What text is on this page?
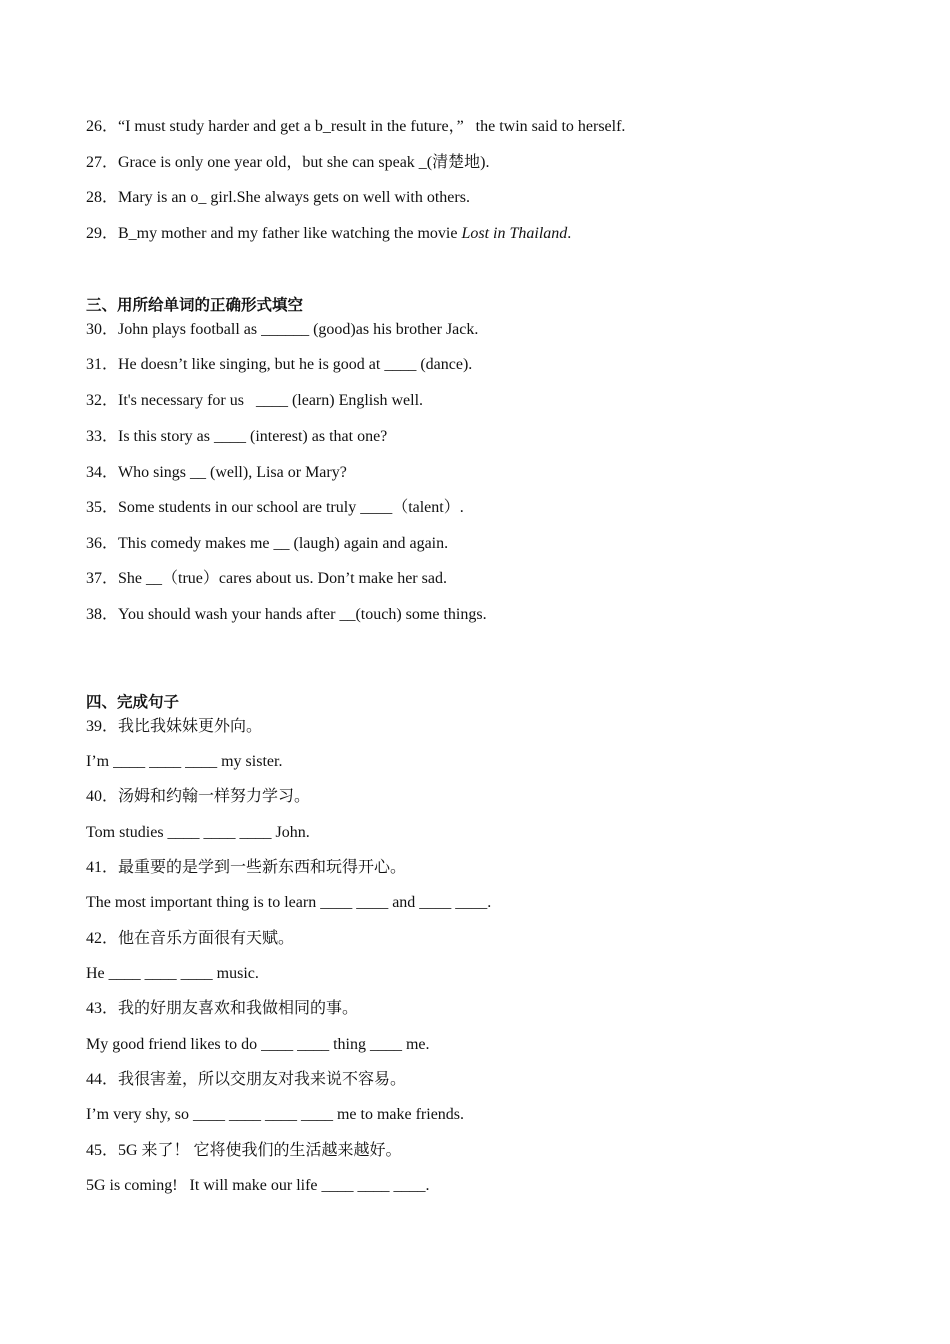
26．“I must study harder and get a b_result in the future，”   the twin said to herself.
27．Grace is only one year old，but she can speak _(清楚地).
28．Mary is an o_ girl.She always gets on well with others.
29．B_my mother and my father like watching the movie Lost in Thailand.
三、用所给单词的正确形式填空
30．John plays football as ______ (good)as his brother Jack.
31．He doesn’t like singing, but he is good at ____ (dance).
32．It's necessary for us   ____ (learn) English well.
33．Is this story as ____ (interest) as that one?
34．Who sings __ (well), Lisa or Mary?
35．Some students in our school are truly ____（talent）.
36．This comedy makes me __ (laugh) again and again.
37．She __（true）cares about us. Don’t make her sad.
38．You should wash your hands after __(touch) some things.
四、完成句子
39．我比我妹妹更外向。
I’m ____ ____ ____ my sister.
40．汤姆和约翰一样努力学习。
Tom studies ____ ____ ____ John.
41．最重要的是学到一些新东西和玩得开心。
The most important thing is to learn ____ ____ and ____ ____.
42．他在音乐方面很有天赋。
He ____ ____ ____ music.
43．我的好朋友喜欢和我做相同的事。
My good friend likes to do ____ ____ thing ____ me.
44．我很害羞，所以交朋友对我来说不容易。
I’m very shy, so ____ ____ ____ ____ me to make friends.
45．5G 来了！ 它将使我们的生活越来越好。
5G is coming!   It will make our life ____ ____ ____.
